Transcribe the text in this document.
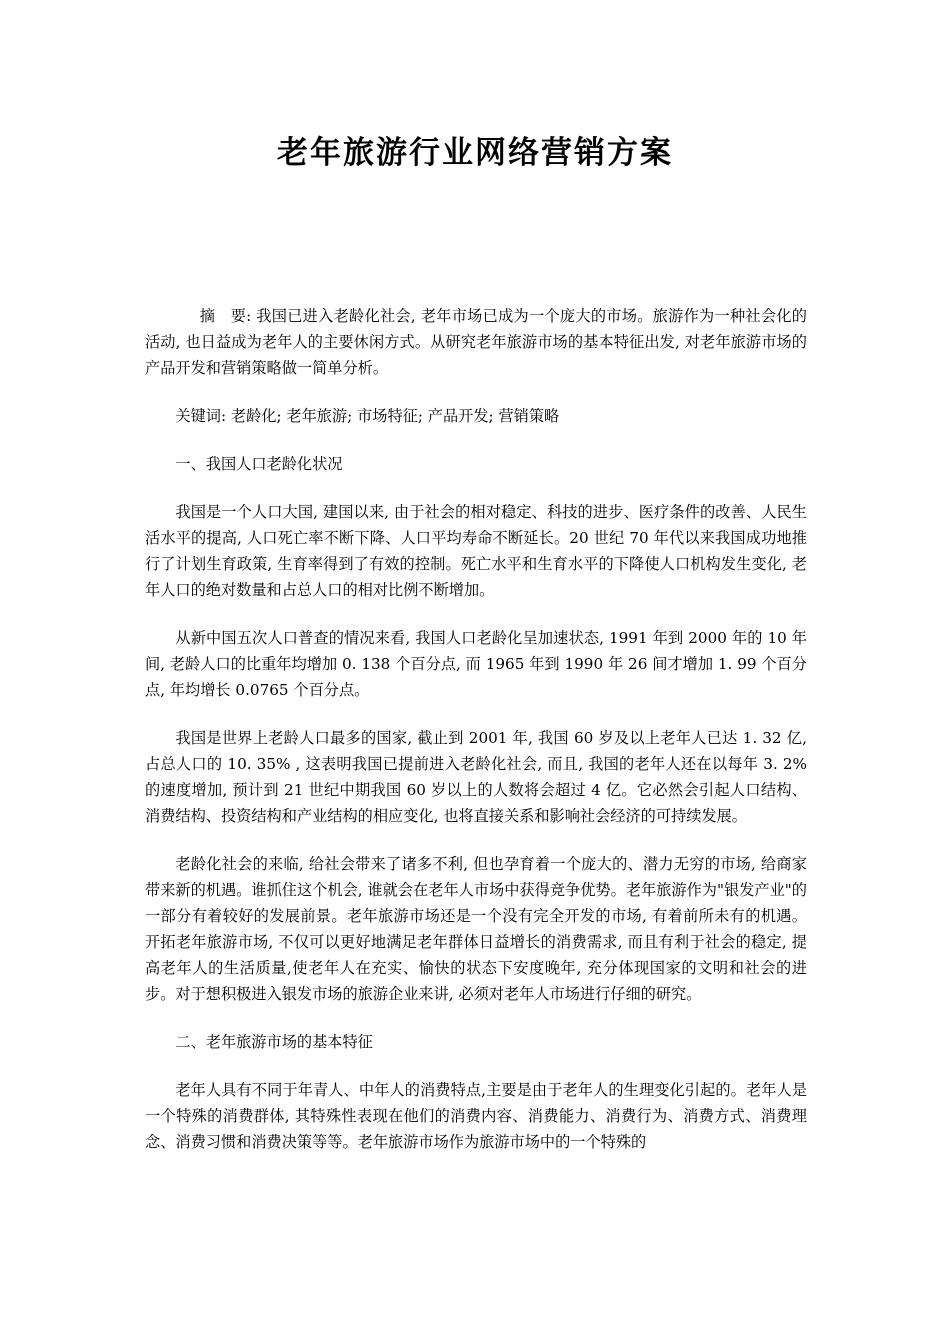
老年旅游行业网络营销方案

摘　要: 我国已进入老龄化社会, 老年市场已成为一个庞大的市场。旅游作为一种社会化的活动, 也日益成为老年人的主要休闲方式。从研究老年旅游市场的基本特征出发, 对老年旅游市场的产品开发和营销策略做一简单分析。

关键词: 老龄化; 老年旅游; 市场特征; 产品开发; 营销策略

一、我国人口老龄化状况

我国是一个人口大国, 建国以来, 由于社会的相对稳定、科技的进步、医疗条件的改善、人民生活水平的提高, 人口死亡率不断下降、人口平均寿命不断延长。20 世纪 70 年代以来我国成功地推行了计划生育政策, 生育率得到了有效的控制。死亡水平和生育水平的下降使人口机构发生变化, 老年人口的绝对数量和占总人口的相对比例不断增加。

从新中国五次人口普查的情况来看, 我国人口老龄化呈加速状态, 1991 年到 2000 年的 10 年间, 老龄人口的比重年均增加 0. 138 个百分点, 而 1965 年到 1990 年 26 间才增加 1. 99 个百分点, 年均增长 0.0765 个百分点。

我国是世界上老龄人口最多的国家, 截止到 2001 年, 我国 60 岁及以上老年人已达 1. 32 亿, 占总人口的 10. 35% , 这表明我国已提前进入老龄化社会, 而且, 我国的老年人还在以每年 3. 2% 的速度增加, 预计到 21 世纪中期我国 60 岁以上的人数将会超过 4 亿。它必然会引起人口结构、消费结构、投资结构和产业结构的相应变化, 也将直接关系和影响社会经济的可持续发展。

老龄化社会的来临, 给社会带来了诸多不利, 但也孕育着一个庞大的、潜力无穷的市场, 给商家带来新的机遇。谁抓住这个机会, 谁就会在老年人市场中获得竞争优势。老年旅游作为"银发产业"的一部分有着较好的发展前景。老年旅游市场还是一个没有完全开发的市场, 有着前所未有的机遇。开拓老年旅游市场, 不仅可以更好地满足老年群体日益增长的消费需求, 而且有利于社会的稳定, 提高老年人的生活质量,使老年人在充实、愉快的状态下安度晚年, 充分体现国家的文明和社会的进步。对于想积极进入银发市场的旅游企业来讲, 必须对老年人市场进行仔细的研究。

二、老年旅游市场的基本特征

老年人具有不同于年青人、中年人的消费特点,主要是由于老年人的生理变化引起的。老年人是一个特殊的消费群体, 其特殊性表现在他们的消费内容、消费能力、消费行为、消费方式、消费理念、消费习惯和消费决策等等。老年旅游市场作为旅游市场中的一个特殊的
